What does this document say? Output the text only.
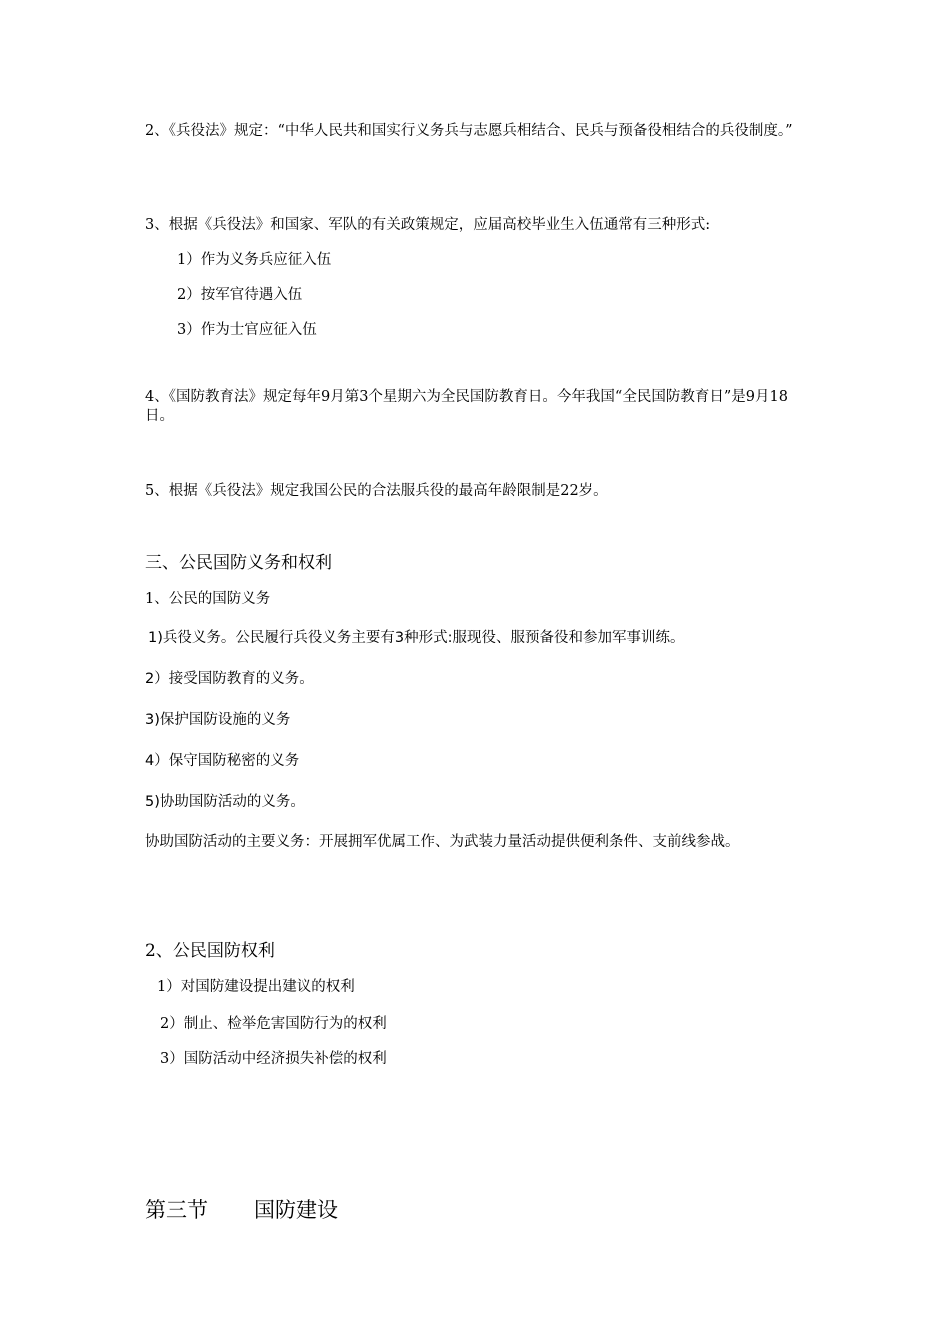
2、《兵役法》规定：“中华人民共和国实行义务兵与志愿兵相结合、民兵与预备役相结合的兵役制度。”

3、根据《兵役法》和国家、军队的有关政策规定，应届高校毕业生入伍通常有三种形式:

1）作为义务兵应征入伍

2）按军官待遇入伍

3）作为士官应征入伍

4、《国防教育法》规定每年9月第3个星期六为全民国防教育日。今年我国“全民国防教育日”是9月18日。

5、根据《兵役法》规定我国公民的合法服兵役的最高年龄限制是22岁。

三、公民国防义务和权利

1、公民的国防义务

1)兵役义务。公民履行兵役义务主要有3种形式:服现役、服预备役和参加军事训练。

2）接受国防教育的义务。

3)保护国防设施的义务

4）保守国防秘密的义务

5)协助国防活动的义务。

协助国防活动的主要义务：开展拥军优属工作、为武装力量活动提供便利条件、支前线参战。

2、公民国防权利

1）对国防建设提出建议的权利

2）制止、检举危害国防行为的权利

3）国防活动中经济损失补偿的权利

第三节 国防建设
